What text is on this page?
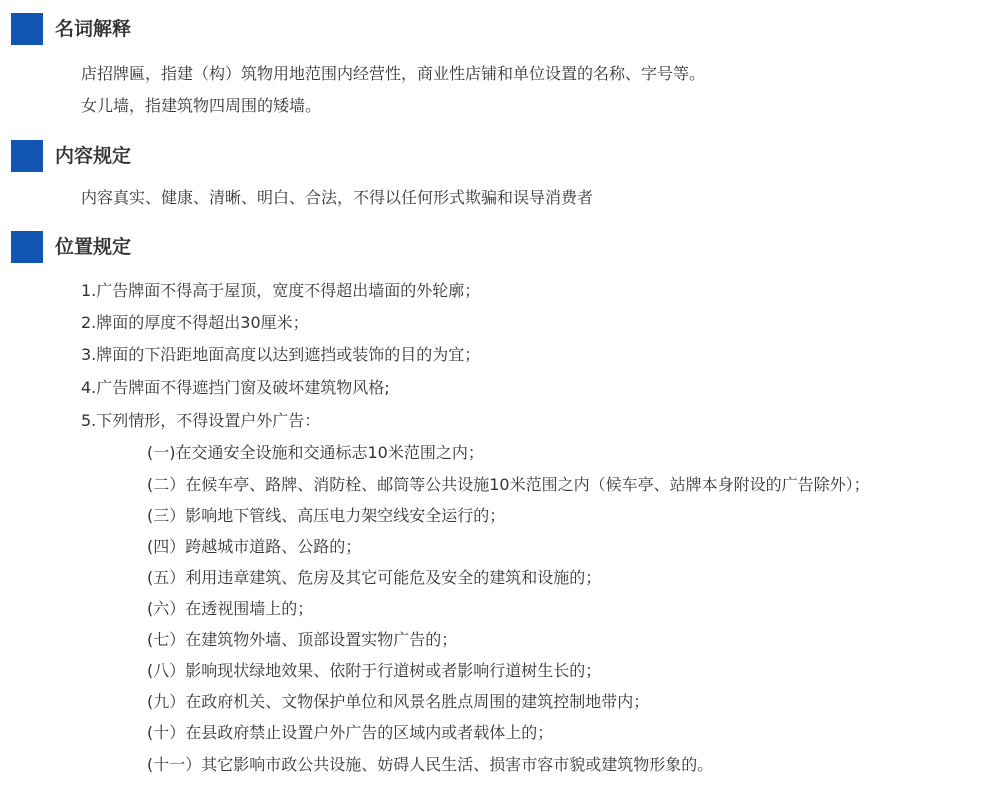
名词解释
店招牌匾，指建（构）筑物用地范围内经营性，商业性店铺和单位设置的名称、字号等。
女儿墙，指建筑物四周围的矮墙。
内容规定
内容真实、健康、清晰、明白、合法，不得以任何形式欺骗和误导消费者
位置规定
1.广告牌面不得高于屋顶，宽度不得超出墙面的外轮廓；
2.牌面的厚度不得超出30厘米；
3.牌面的下沿距地面高度以达到遮挡或装饰的目的为宜；
4.广告牌面不得遮挡门窗及破坏建筑物风格;
5.下列情形，不得设置户外广告：
(一)在交通安全设施和交通标志10米范围之内；
(二）在候车亭、路牌、消防栓、邮筒等公共设施10米范围之内（候车亭、站牌本身附设的广告除外）；
(三）影响地下管线、高压电力架空线安全运行的；
(四）跨越城市道路、公路的；
(五）利用违章建筑、危房及其它可能危及安全的建筑和设施的；
(六）在透视围墙上的；
(七）在建筑物外墙、顶部设置实物广告的；
(八）影响现状绿地效果、依附于行道树或者影响行道树生长的；
(九）在政府机关、文物保护单位和风景名胜点周围的建筑控制地带内；
(十）在县政府禁止设置户外广告的区域内或者载体上的；
(十一）其它影响市政公共设施、妨碍人民生活、损害市容市貌或建筑物形象的。
